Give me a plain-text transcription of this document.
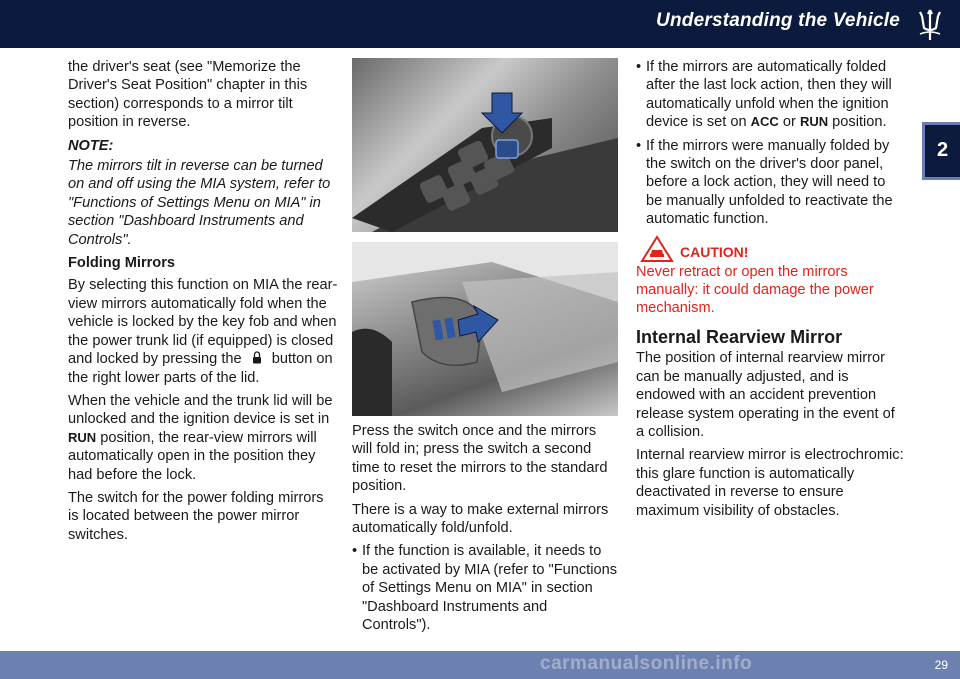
Understanding the Vehicle
2

the driver's seat (see "Memorize the Driver's Seat Position" chapter in this section) corresponds to a mirror tilt position in reverse.

NOTE:

The mirrors tilt in reverse can be turned on and off using the MIA system, refer to "Functions of Settings Menu on MIA" in section "Dashboard Instruments and Controls".

Folding Mirrors

By selecting this function on MIA the rear-view mirrors automatically fold when the vehicle is locked by the key fob and when the power trunk lid (if equipped) is closed and locked by pressing the button on the right lower parts of the lid.

When the vehicle and the trunk lid will be unlocked and the ignition device is set in RUN position, the rear-view mirrors will automatically open in the position they had before the lock.

The switch for the power folding mirrors is located between the power mirror switches.

Press the switch once and the mirrors will fold in; press the switch a second time to reset the mirrors to the standard position.

There is a way to make external mirrors automatically fold/unfold.

• If the function is available, it needs to be activated by MIA (refer to "Functions of Settings Menu on MIA" in section "Dashboard Instruments and Controls").

• If the mirrors are automatically folded after the last lock action, then they will automatically unfold when the ignition device is set on ACC or RUN position.

• If the mirrors were manually folded by the switch on the driver's door panel, before a lock action, they will need to be manually unfolded to reactivate the automatic function.

CAUTION!

Never retract or open the mirrors manually: it could damage the power mechanism.

Internal Rearview Mirror

The position of internal rearview mirror can be manually adjusted, and is endowed with an accident prevention release system operating in the event of a collision.

Internal rearview mirror is electrochromic: this glare function is automatically deactivated in reverse to ensure maximum visibility of obstacles.

carmanualsonline.info	29
